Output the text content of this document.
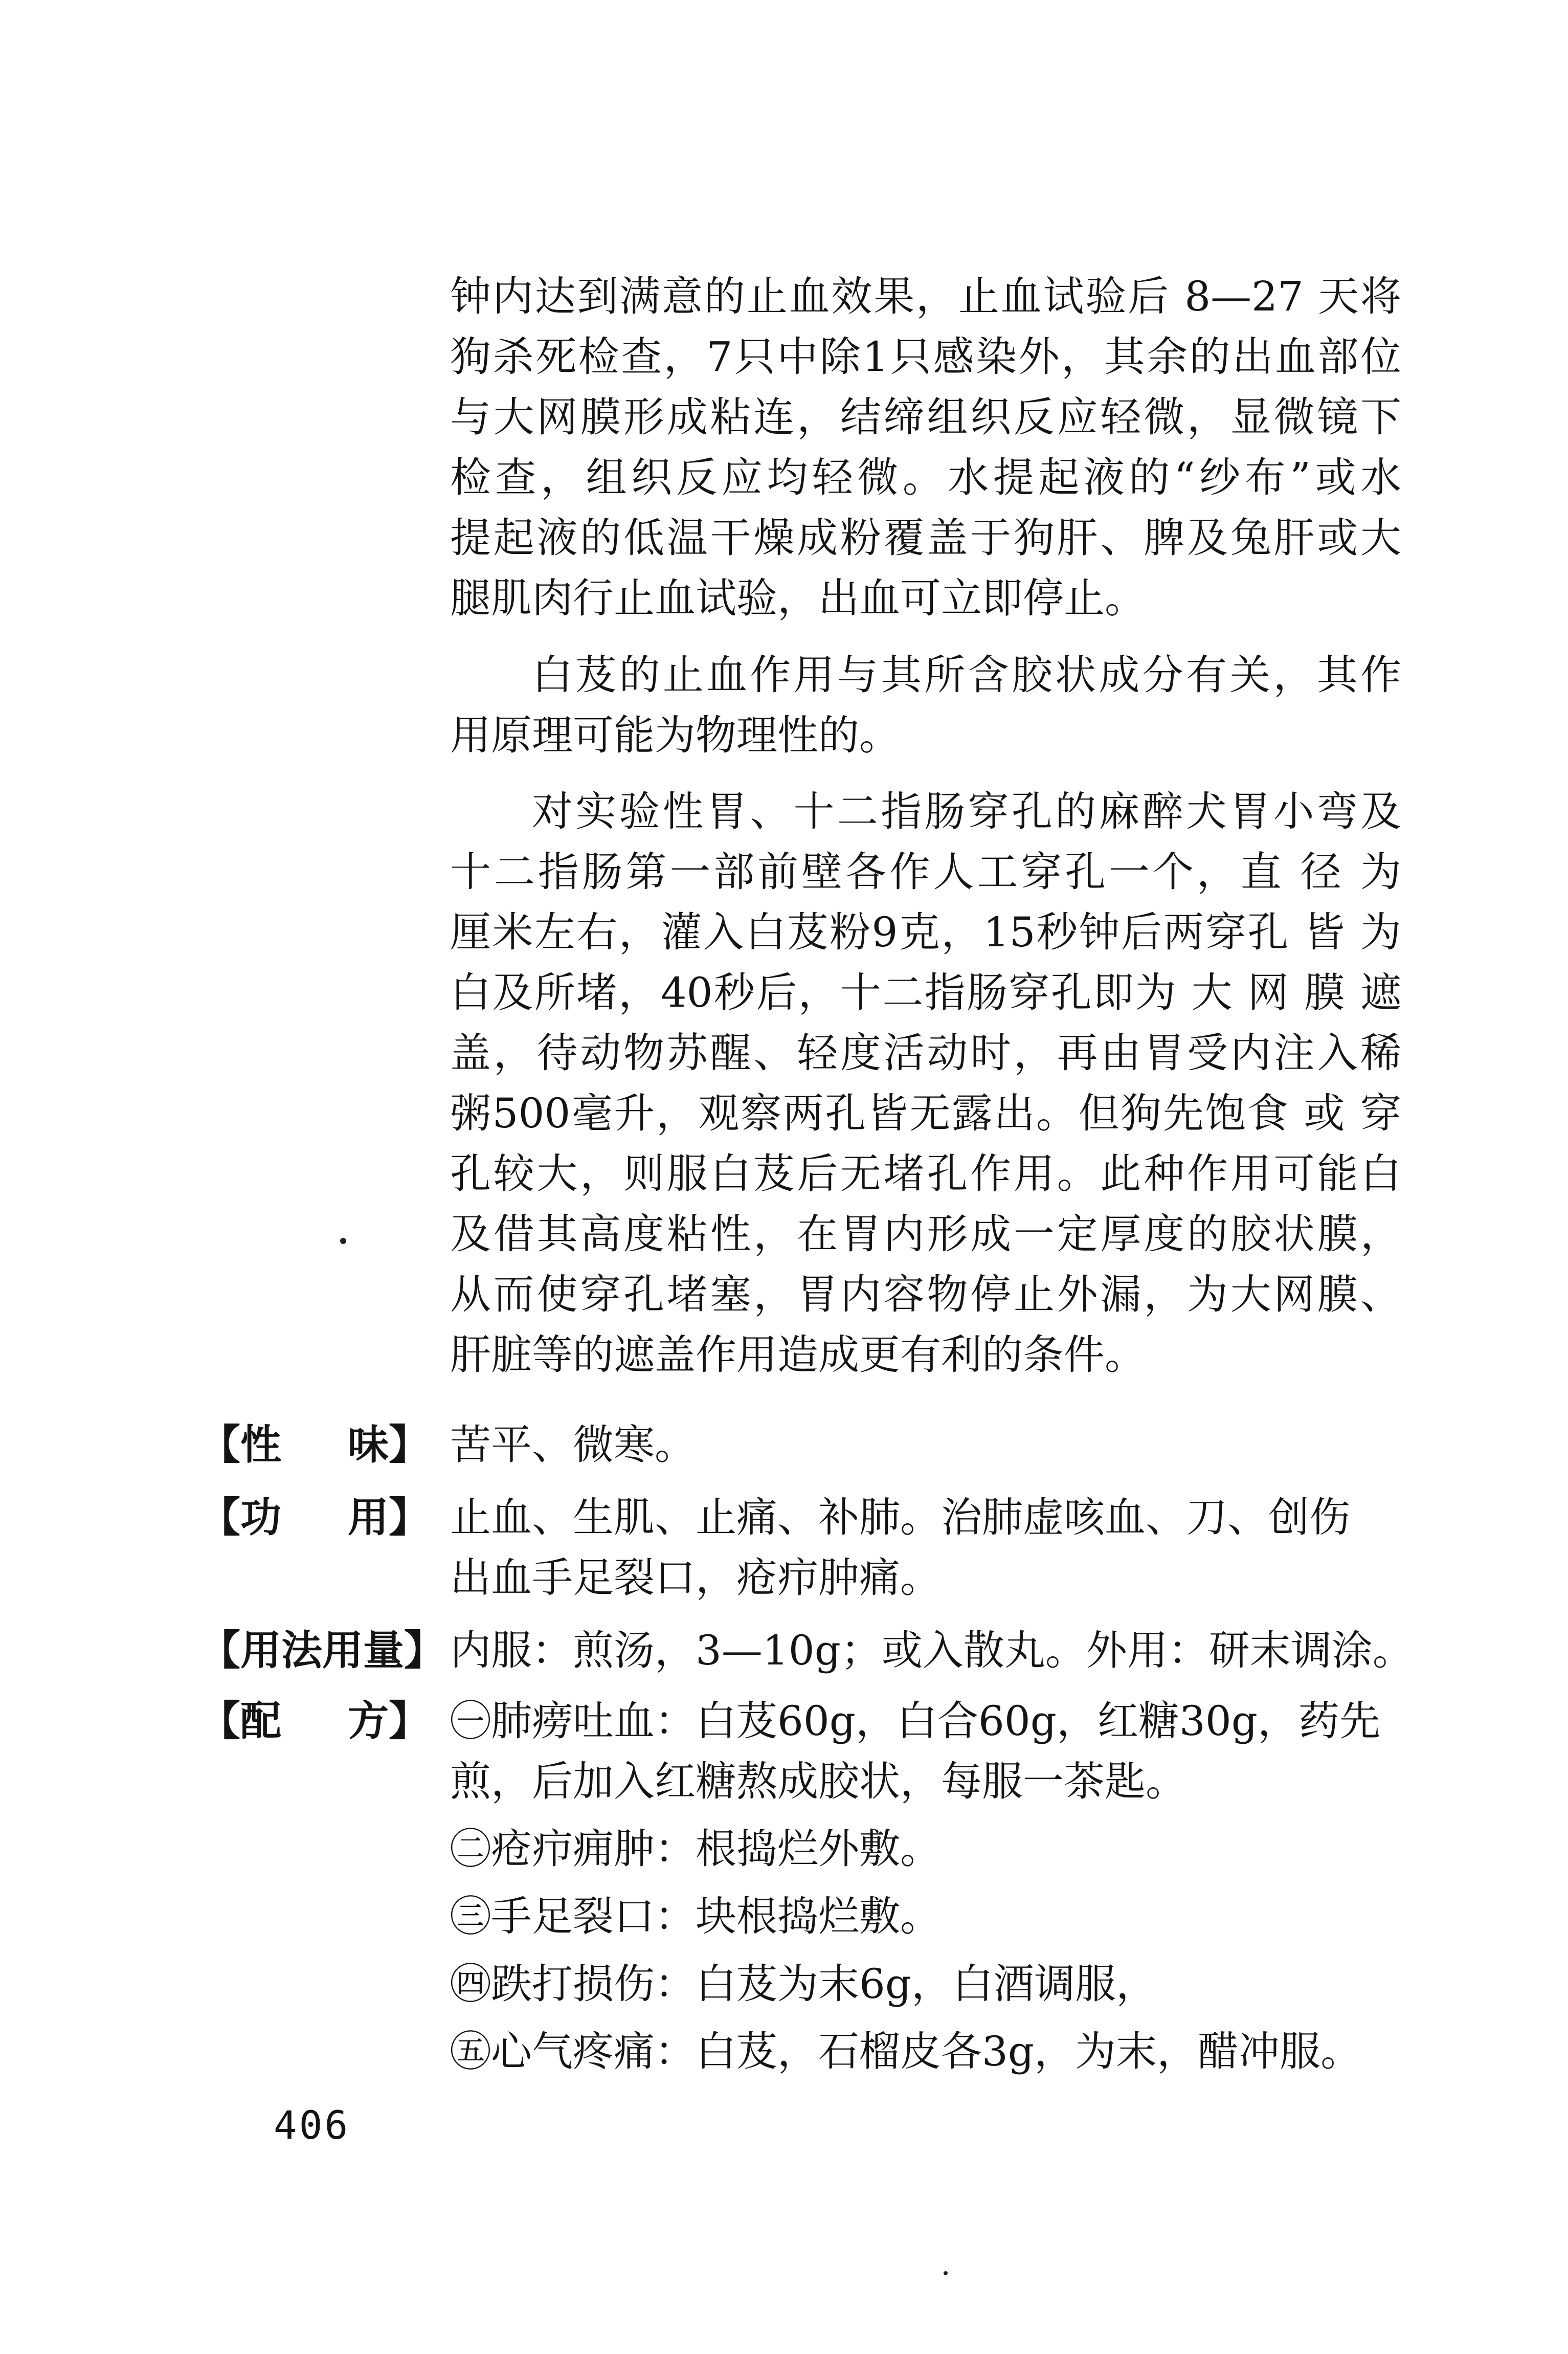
钟内达到满意的止血效果，止血试验后 8—27 天将
狗杀死检查，7只中除1只感染外，其余的出血部位
与大网膜形成粘连，结缔组织反应轻微，显微镜下
检查，组织反应均轻微。水提起液的“纱布”或水
提起液的低温干燥成粉覆盖于狗肝、脾及兔肝或大
腿肌肉行止血试验，出血可立即停止。
白芨的止血作用与其所含胶状成分有关，其作
用原理可能为物理性的。
对实验性胃、十二指肠穿孔的麻醉犬胃小弯及
十二指肠第一部前壁各作人工穿孔一个，直 径 为
厘米左右，灌入白芨粉9克，15秒钟后两穿孔 皆 为
白及所堵，40秒后，十二指肠穿孔即为 大 网 膜 遮
盖，待动物苏醒、轻度活动时，再由胃受内注入稀
粥500毫升，观察两孔皆无露出。但狗先饱食 或 穿
孔较大，则服白芨后无堵孔作用。此种作用可能白
及借其高度粘性，在胃内形成一定厚度的胶状膜，
从而使穿孔堵塞，胃内容物停止外漏，为大网膜、
肝脏等的遮盖作用造成更有利的条件。
【性 味】 苦平、微寒。
【功 用】 止血、生肌、止痛、补肺。治肺虚咳血、刀、创伤
出血手足裂口，疮疖肿痛。
【用法用量】 内服：煎汤，3—10g；或入散丸。外用：研末调涂。
【配 方】 ㊀肺痨吐血：白芨60g，白合60g，红糖30g，药先
煎，后加入红糖熬成胶状，每服一茶匙。
㊁疮疖痈肿：根捣烂外敷。
㊂手足裂口：块根捣烂敷。
㊃跌打损伤：白芨为末6g，白酒调服，
㊄心气疼痛：白芨，石榴皮各3g，为末，醋冲服。
406
